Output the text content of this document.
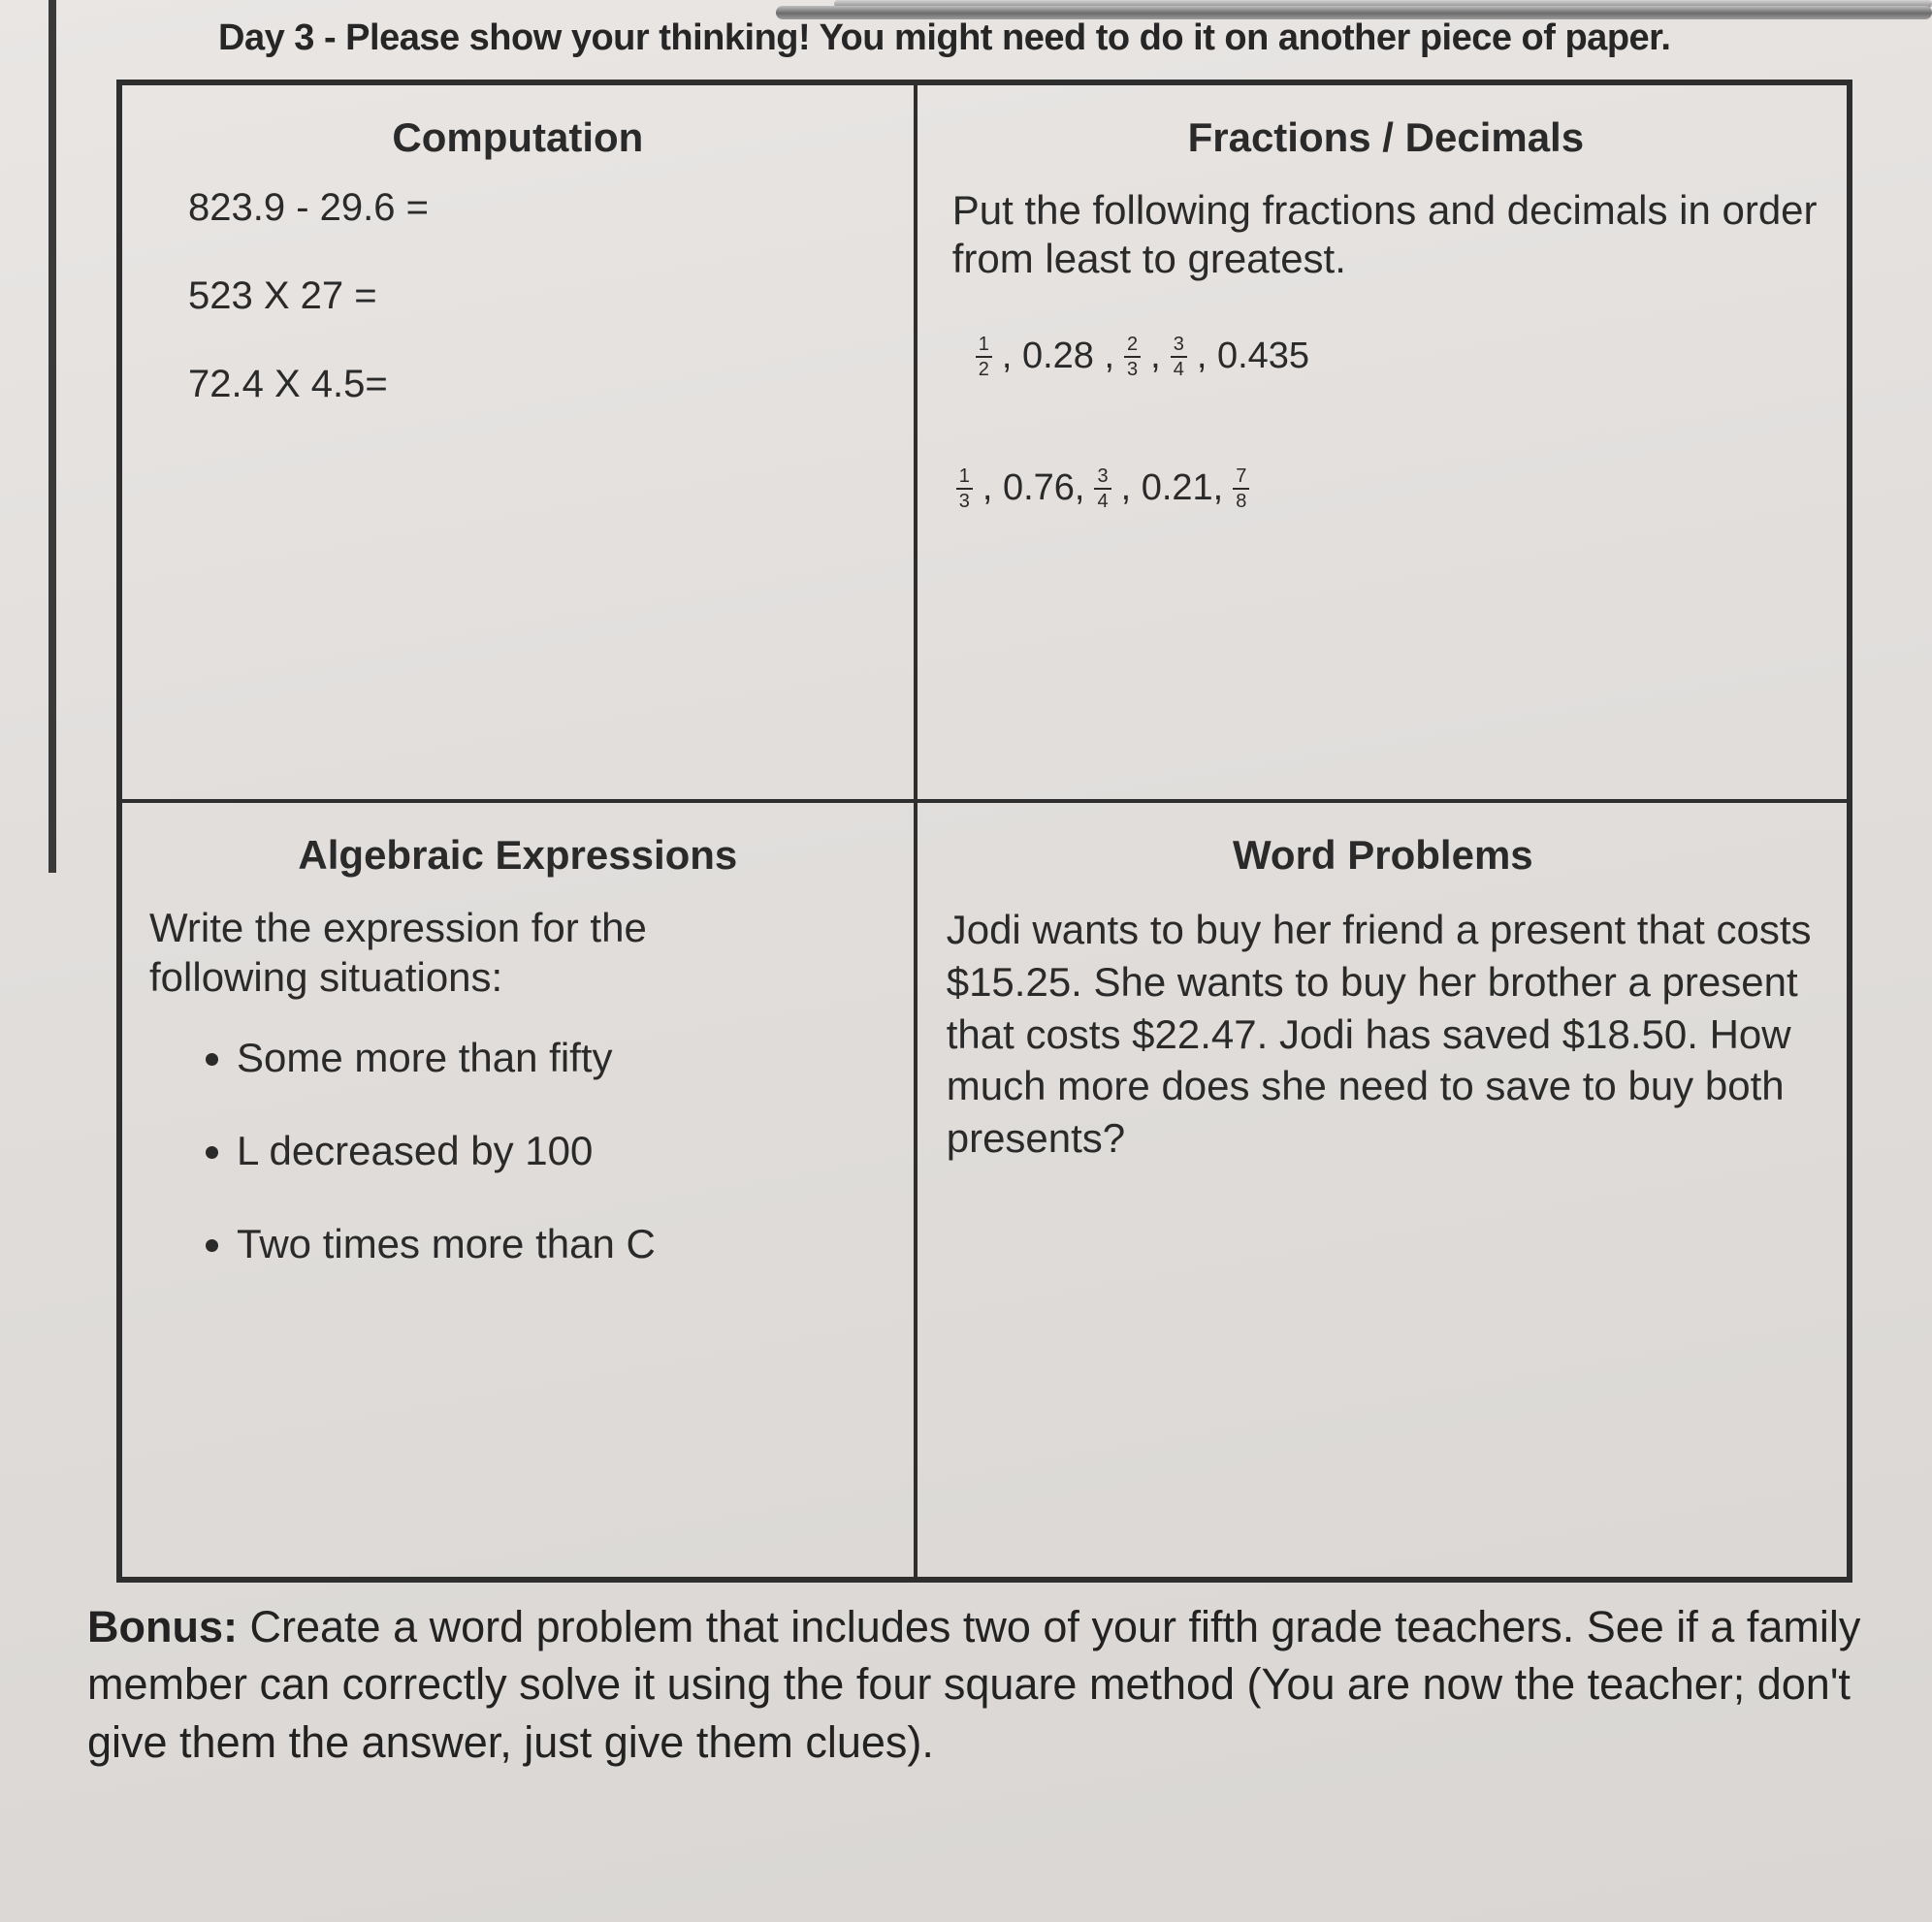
Day 3 - Please show your thinking! You might need to do it on another piece of paper.
Computation
823.9 - 29.6 =
523 X 27 =
72.4 X 4.5=
Fractions / Decimals
Put the following fractions and decimals in order from least to greatest.
$\frac{1}{2}$ , 0.28 , $\frac{2}{3}$ , $\frac{3}{4}$ , 0.435
$\frac{1}{3}$ , 0.76, $\frac{3}{4}$ , 0.21, $\frac{7}{8}$
Algebraic Expressions
Write the expression for the following situations:
• Some more than fifty
• L decreased by 100
• Two times more than C
Word Problems
Jodi wants to buy her friend a present that costs $15.25. She wants to buy her brother a present that costs $22.47. Jodi has saved $18.50. How much more does she need to save to buy both presents?
Bonus: Create a word problem that includes two of your fifth grade teachers. See if a family member can correctly solve it using the four square method (You are now the teacher; don't give them the answer, just give them clues).
